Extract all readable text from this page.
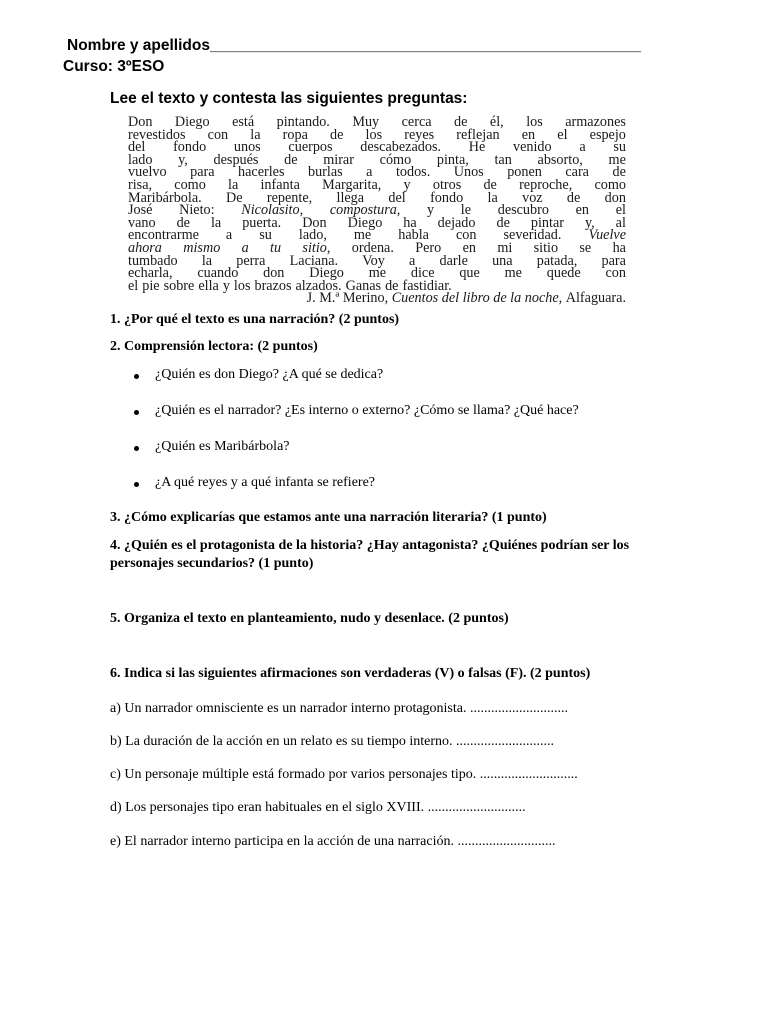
Nombre y apellidos__________________________________________________
Curso: 3ºESO
Lee el texto y contesta las siguientes preguntas:
Don Diego está pintando. Muy cerca de él, los armazones
revestidos con la ropa de los reyes reflejan en el espejo
del fondo unos cuerpos descabezados. He venido a su
lado y, después de mirar cómo pinta, tan absorto, me
vuelvo para hacerles burlas a todos. Unos ponen cara de
risa, como la infanta Margarita, y otros de reproche, como
Maribárbola. De repente, llega del fondo la voz de don
José Nieto: Nicolasito, compostura, y le descubro en el
vano de la puerta. Don Diego ha dejado de pintar y, al
encontrarme a su lado, me habla con severidad. Vuelve
ahora mismo a tu sitio, ordena. Pero en mi sitio se ha
tumbado la perra Laciana. Voy a darle una patada, para
echarla, cuando don Diego me dice que me quede con
el pie sobre ella y los brazos alzados. Ganas de fastidiar.
J. M.ª Merino,
Cuentos del libro de la noche,
Alfaguara.
1. ¿Por qué el texto es una narración? (2 puntos)
2. Comprensión lectora: (2 puntos)
¿Quién es don Diego? ¿A qué se dedica?
¿Quién es el narrador? ¿Es interno o externo? ¿Cómo se llama? ¿Qué hace?
¿Quién es Maribárbola?
¿A qué reyes y a qué infanta se refiere?
3. ¿Cómo explicarías que estamos ante una narración literaria? (1 punto)
4. ¿Quién es el protagonista de la historia? ¿Hay antagonista? ¿Quiénes podrían ser los
personajes secundarios? (1 punto)
5. Organiza el texto en planteamiento, nudo y desenlace. (2 puntos)
6. Indica si las siguientes afirmaciones son verdaderas (V) o falsas (F). (2 puntos)
a) Un narrador omnisciente es un narrador interno protagonista. ............................
b) La duración de la acción en un relato es su tiempo interno. ............................
c) Un personaje múltiple está formado por varios personajes tipo. ............................
d) Los personajes tipo eran habituales en el siglo XVIII. ............................
e) El narrador interno participa en la acción de una narración. ............................
